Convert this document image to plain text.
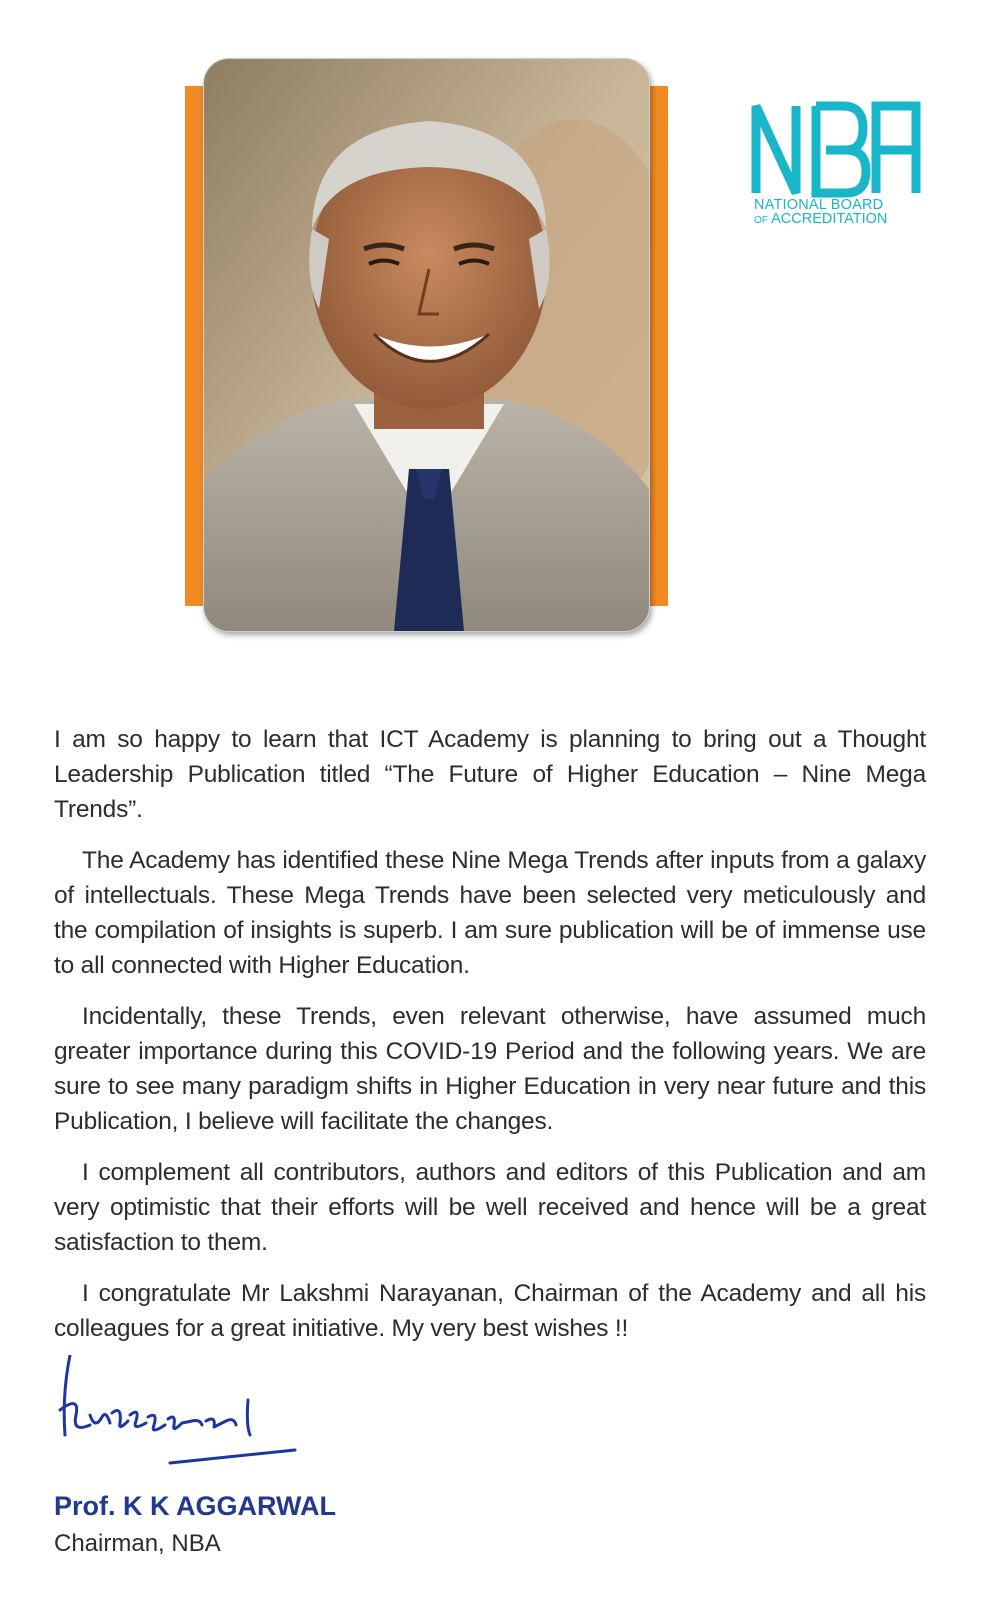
NATIONAL BOARD
OF ACCREDITATION

I am so happy to learn that ICT Academy is planning to bring out a Thought Leadership Publication titled “The Future of Higher Education – Nine Mega Trends”.

The Academy has identified these Nine Mega Trends after inputs from a galaxy of intellectuals. These Mega Trends have been selected very meticulously and the compilation of insights is superb. I am sure publication will be of immense use to all connected with Higher Education.

Incidentally, these Trends, even relevant otherwise, have assumed much greater importance during this COVID-19 Period and the following years. We are sure to see many paradigm shifts in Higher Education in very near future and this Publication, I believe will facilitate the changes.

I complement all contributors, authors and editors of this Publication and am very optimistic that their efforts will be well received and hence will be a great satisfaction to them.

I congratulate Mr Lakshmi Narayanan, Chairman of the Academy and all his colleagues for a great initiative. My very best wishes !!

Prof. K K AGGARWAL
Chairman, NBA
